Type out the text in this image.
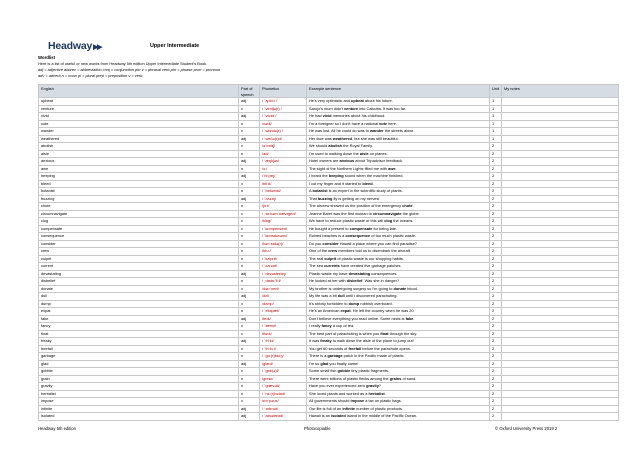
Headway▶▶	Upper Intermediate
Wordlist
Here is a list of useful or new words from Headway 5th edition Upper Intermediate Student's Book.
adj = adjective abbrev = abbreviation conj = conjunction phr v = phrasal verb phr = phrase pron = pronoun
adv = adverb n = noun pl = plural prep = preposition v = verb
English	Part of speech	Phonetics	Example sentence	Unit	My notes
upbeat	adj	/ ˈʌpbiːt /	He's very optimistic and upbeat about his future.	1	
venture	v	/ ˈventʃə(r) /	Sarojo's mum didn't venture into Calcutta. It was too far.	1	
vivid	adj	/ ˈvɪvɪd /	He had vivid memories about his childhood.	1	
vote	n	/vəʊt/	I'm a foreigner so I don't have a national vote here.	1	
wander	v	/ ˈwɒndə(r) /	He was lost. All he could do was to wander the streets alone.	1	
weathered	adj	/ ˈweðə(r)d/	Her face was weathered, but she was still beautiful.	1	
abolish	v	/əˈbɒlɪʃ/	We should abolish the Royal Family.	2	
aisle	n	/aɪl/	I'm used to walking down the aisle on planes.	2	
anxious	adj	/ ˈæŋkʃəs/	Hotel owners are anxious about Tripadvisor feedback.	2	
awe	n	/ɔː/	The sight of the Northern Lights filled me with awe.	2	
beeping	adj	/ˈbiːpɪŋ/	I heard the beeping sound when the machine finished.	2	
bleed	v	/bliːd/	I cut my finger and it started to bleed.	2	
botanist	n	/ ˈbɒtənɪst/	A botanist is an expert in the scientific study of plants.	2	
buzzing	adj	/ ˈbʌzɪŋ/	That buzzing fly is getting on my nerves!	2	
chute	n	/ʃuːt/	The aircrew showed us the position of the emergency chute.	2	
circumnavigate	v	/ ˌsɜːkəmˈnævɪɡeɪt/	Jeanne Baret was the first woman to circumnavigate the globe.	2	
clog	v	/klɒɡ/	We have to reduce plastic waste or this will clog the oceans.	2	
compensate	v	/ ˈkɒmpenseɪt/	He bought a present to compensate for being late.	2	
consequence	n	/ ˈkɒnsɪkwəns/	Ruined beaches is a consequence of too much plastic waste.	2	
consider	v	/kənˈsɪdə(r)/	Do you consider Hawaii a place where you can find paradise?	2	
crew	n	/kruː/	One of the crew members told us to disembark the aircraft.	2	
culprit	n	/ ˈkʌlprɪt/	The real culprit of plastic waste is our shopping habits.	2	
current	n	/ ˈkʌrənt/	The sea currents have created five garbage patches.	2	
devastating	adj	/ ˈdevəsteɪtɪŋ/	Plastic waste my have devastating consequences.	2	
disbelief	n	/ ˌdɪsbɪˈliːf/	He looked at her with disbelief. Was she in danger?	2	
donate	v	/dəʊˈneɪt/	My brother is undergoing surgery so I'm going to donate blood.	2	
dull	adj	/dʌl/	My life was a bit dull until I discovered parachuting.	2	
dump	v	/dʌmp/	It's strictly forbidden to dump rubbish overboard.	2	
expat	n	/ ˈekspæt/	He's an American expat. He left the country when he was 20.	2	
fake	adj	/feɪk/	Don't believe everything you read online. Some news is fake.	2	
fancy	v	/ ˈfænsi/	I really fancy a cup of tea.	2	
float	v	/fləʊt/	The best part of parachuting is when you float through the sky.	2	
freaky	adj	/ ˈfriːki/	It was freaky to walk down the aisle of the plane to jump out!	2	
freefall	n	/ ˈfriːfɔːl/	You get 60 seconds of freefall before the parachute opens.	2	
garbage	n	/ ˈɡɑː(r)bɪdʒ/	There is a garbage patch in the Pacific made of plastic.	2	
glad	adj	/ɡlæd/	I'm so glad you finally came!	2	
gobble	v	/ ˈɡɒb(ə)l/	Some small fish gobble tiny plastic fragments.	2	
grain	n	/ɡreɪn/	There were billions of plastic flecks among the grains of sand.	2	
gravity	n	/ ˈɡrævəti/	Have you ever experienced zero gravity?	2	
herbalist	n	/ ˈhɜː(r)bəlɪst/	She loved plants and worked as a herbalist.	2	
impose	v	/ɪmˈpəʊz/	All governments should impose a tax on plastic bags.	2	
infinite	adj	/ ˈɪnfɪnət/	Our life is full of an infinite number of plastic products.	2	
isolated	adj	/ ˈaɪsəleɪtɪd/	Hawaii is an isolated island in the middle of the Pacific Ocean.	2	
Headway 5th edition	Photocopiable	© Oxford University Press 2019 2
